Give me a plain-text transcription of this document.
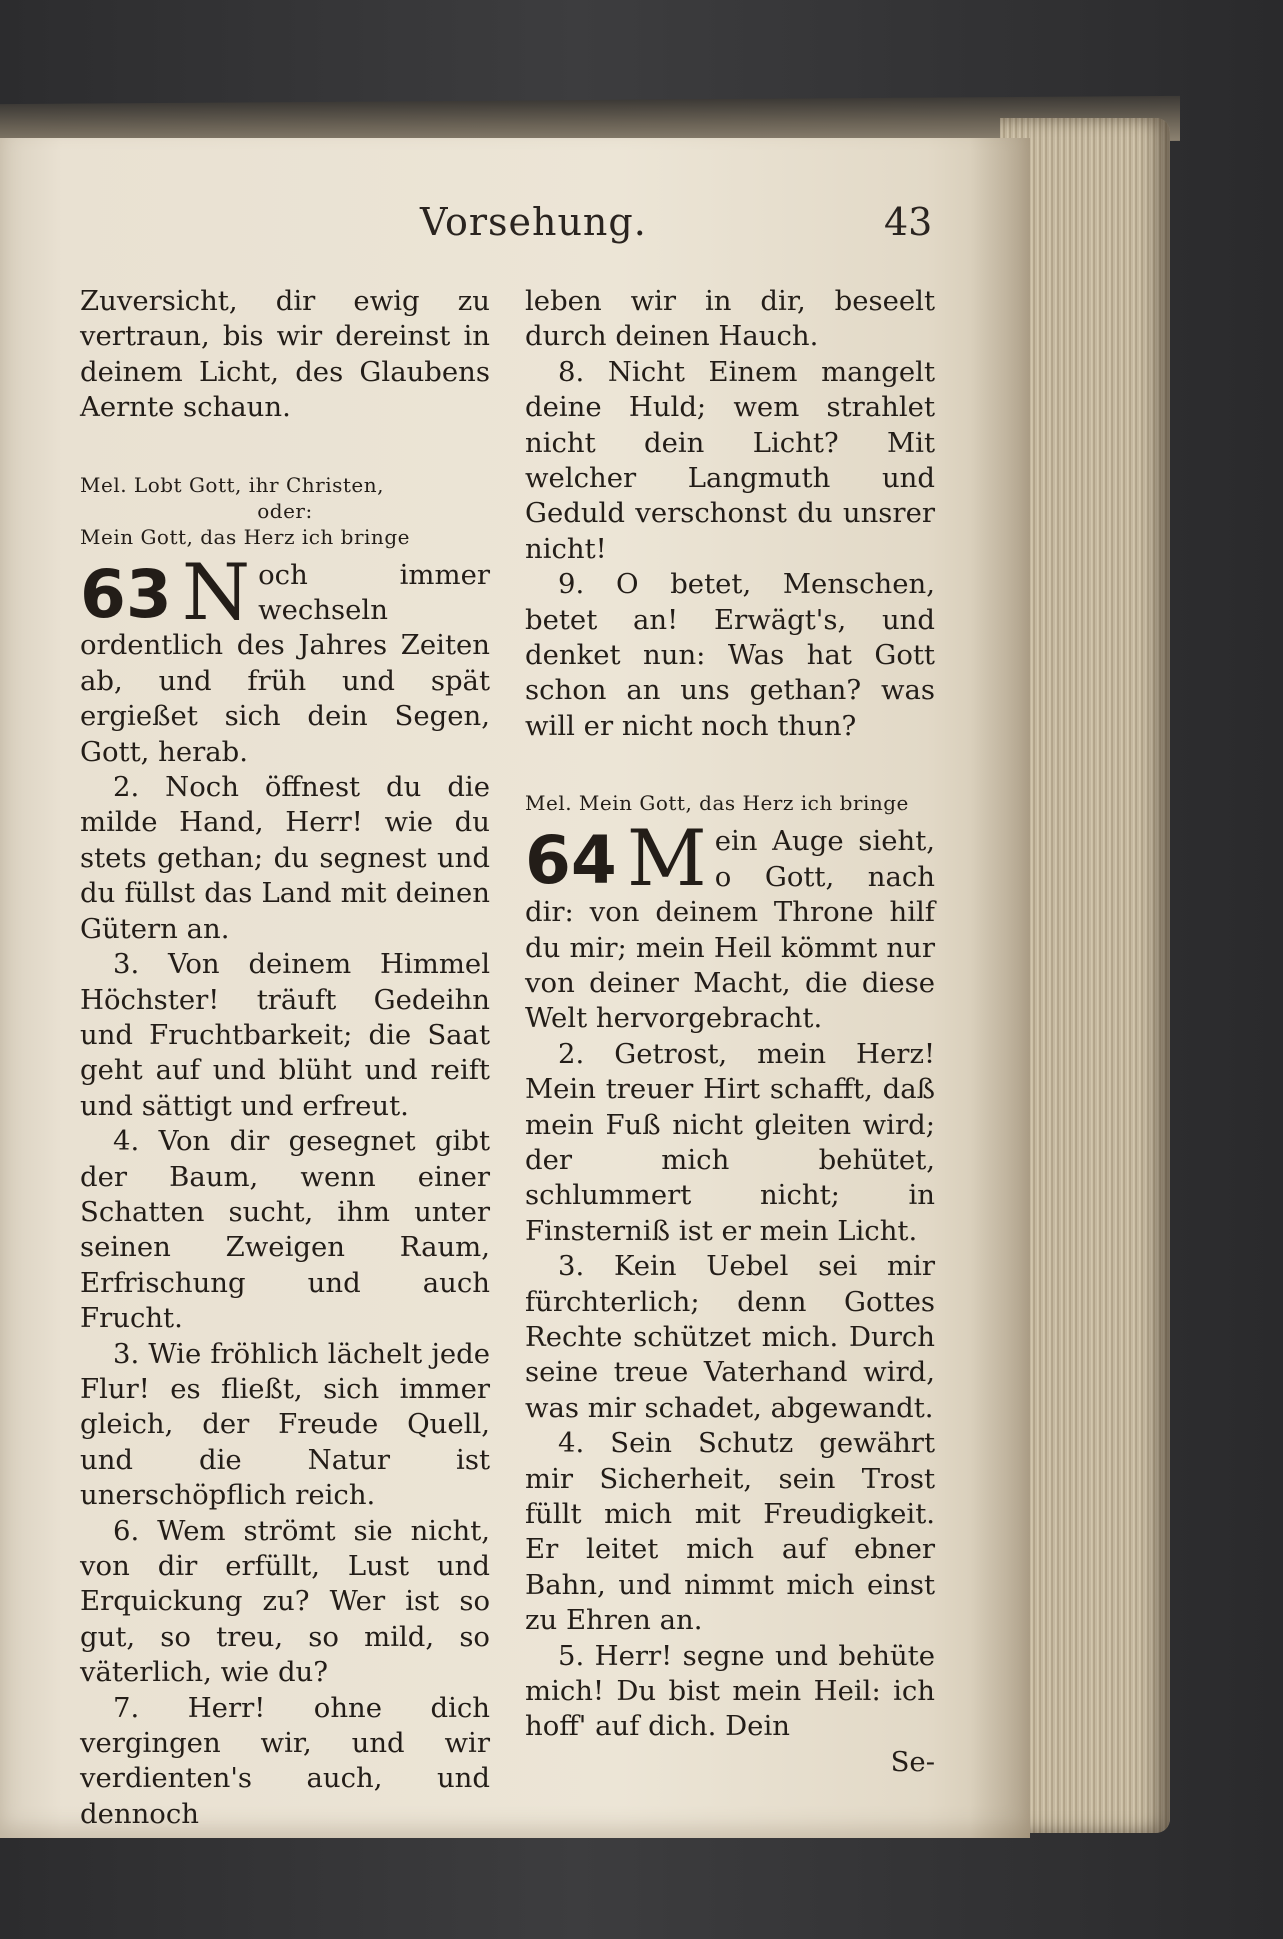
Vorsehung.	43

Zuversicht, dir ewig zu vertraun, bis wir dereinst in deinem Licht, des Glaubens Aernte schaun.

Mel. Lobt Gott, ihr Christen,
oder:
Mein Gott, das Herz ich bringe

63 N och immer wechseln ordentlich des Jahres Zeiten ab, und früh und spät ergießet sich dein Segen, Gott, herab.

2. Noch öffnest du die milde Hand, Herr! wie du stets gethan; du segnest und du füllst das Land mit deinen Gütern an.

3. Von deinem Himmel Höchster! träuft Gedeihn und Fruchtbarkeit; die Saat geht auf und blüht und reift und sättigt und erfreut.

4. Von dir gesegnet gibt der Baum, wenn einer Schatten sucht, ihm unter seinen Zweigen Raum, Erfrischung und auch Frucht.

3. Wie fröhlich lächelt jede Flur! es fließt, sich immer gleich, der Freude Quell, und die Natur ist unerschöpflich reich.

6. Wem strömt sie nicht, von dir erfüllt, Lust und Erquickung zu? Wer ist so gut, so treu, so mild, so väterlich, wie du?

7. Herr! ohne dich vergingen wir, und wir verdienten's auch, und dennoch

leben wir in dir, beseelt durch deinen Hauch.

8. Nicht Einem mangelt deine Huld; wem strahlet nicht dein Licht? Mit welcher Langmuth und Geduld verschonst du unsrer nicht!

9. O betet, Menschen, betet an! Erwägt's, und denket nun: Was hat Gott schon an uns gethan? was will er nicht noch thun?

Mel. Mein Gott, das Herz ich bringe

64 M ein Auge sieht, o Gott, nach dir: von deinem Throne hilf du mir; mein Heil kömmt nur von deiner Macht, die diese Welt hervorgebracht.

2. Getrost, mein Herz! Mein treuer Hirt schafft, daß mein Fuß nicht gleiten wird; der mich behütet, schlummert nicht; in Finsterniß ist er mein Licht.

3. Kein Uebel sei mir fürchterlich; denn Gottes Rechte schützet mich. Durch seine treue Vaterhand wird, was mir schadet, abgewandt.

4. Sein Schutz gewährt mir Sicherheit, sein Trost füllt mich mit Freudigkeit. Er leitet mich auf ebner Bahn, und nimmt mich einst zu Ehren an.

5. Herr! segne und behüte mich! Du bist mein Heil: ich hoff' auf dich. Dein

Se-
